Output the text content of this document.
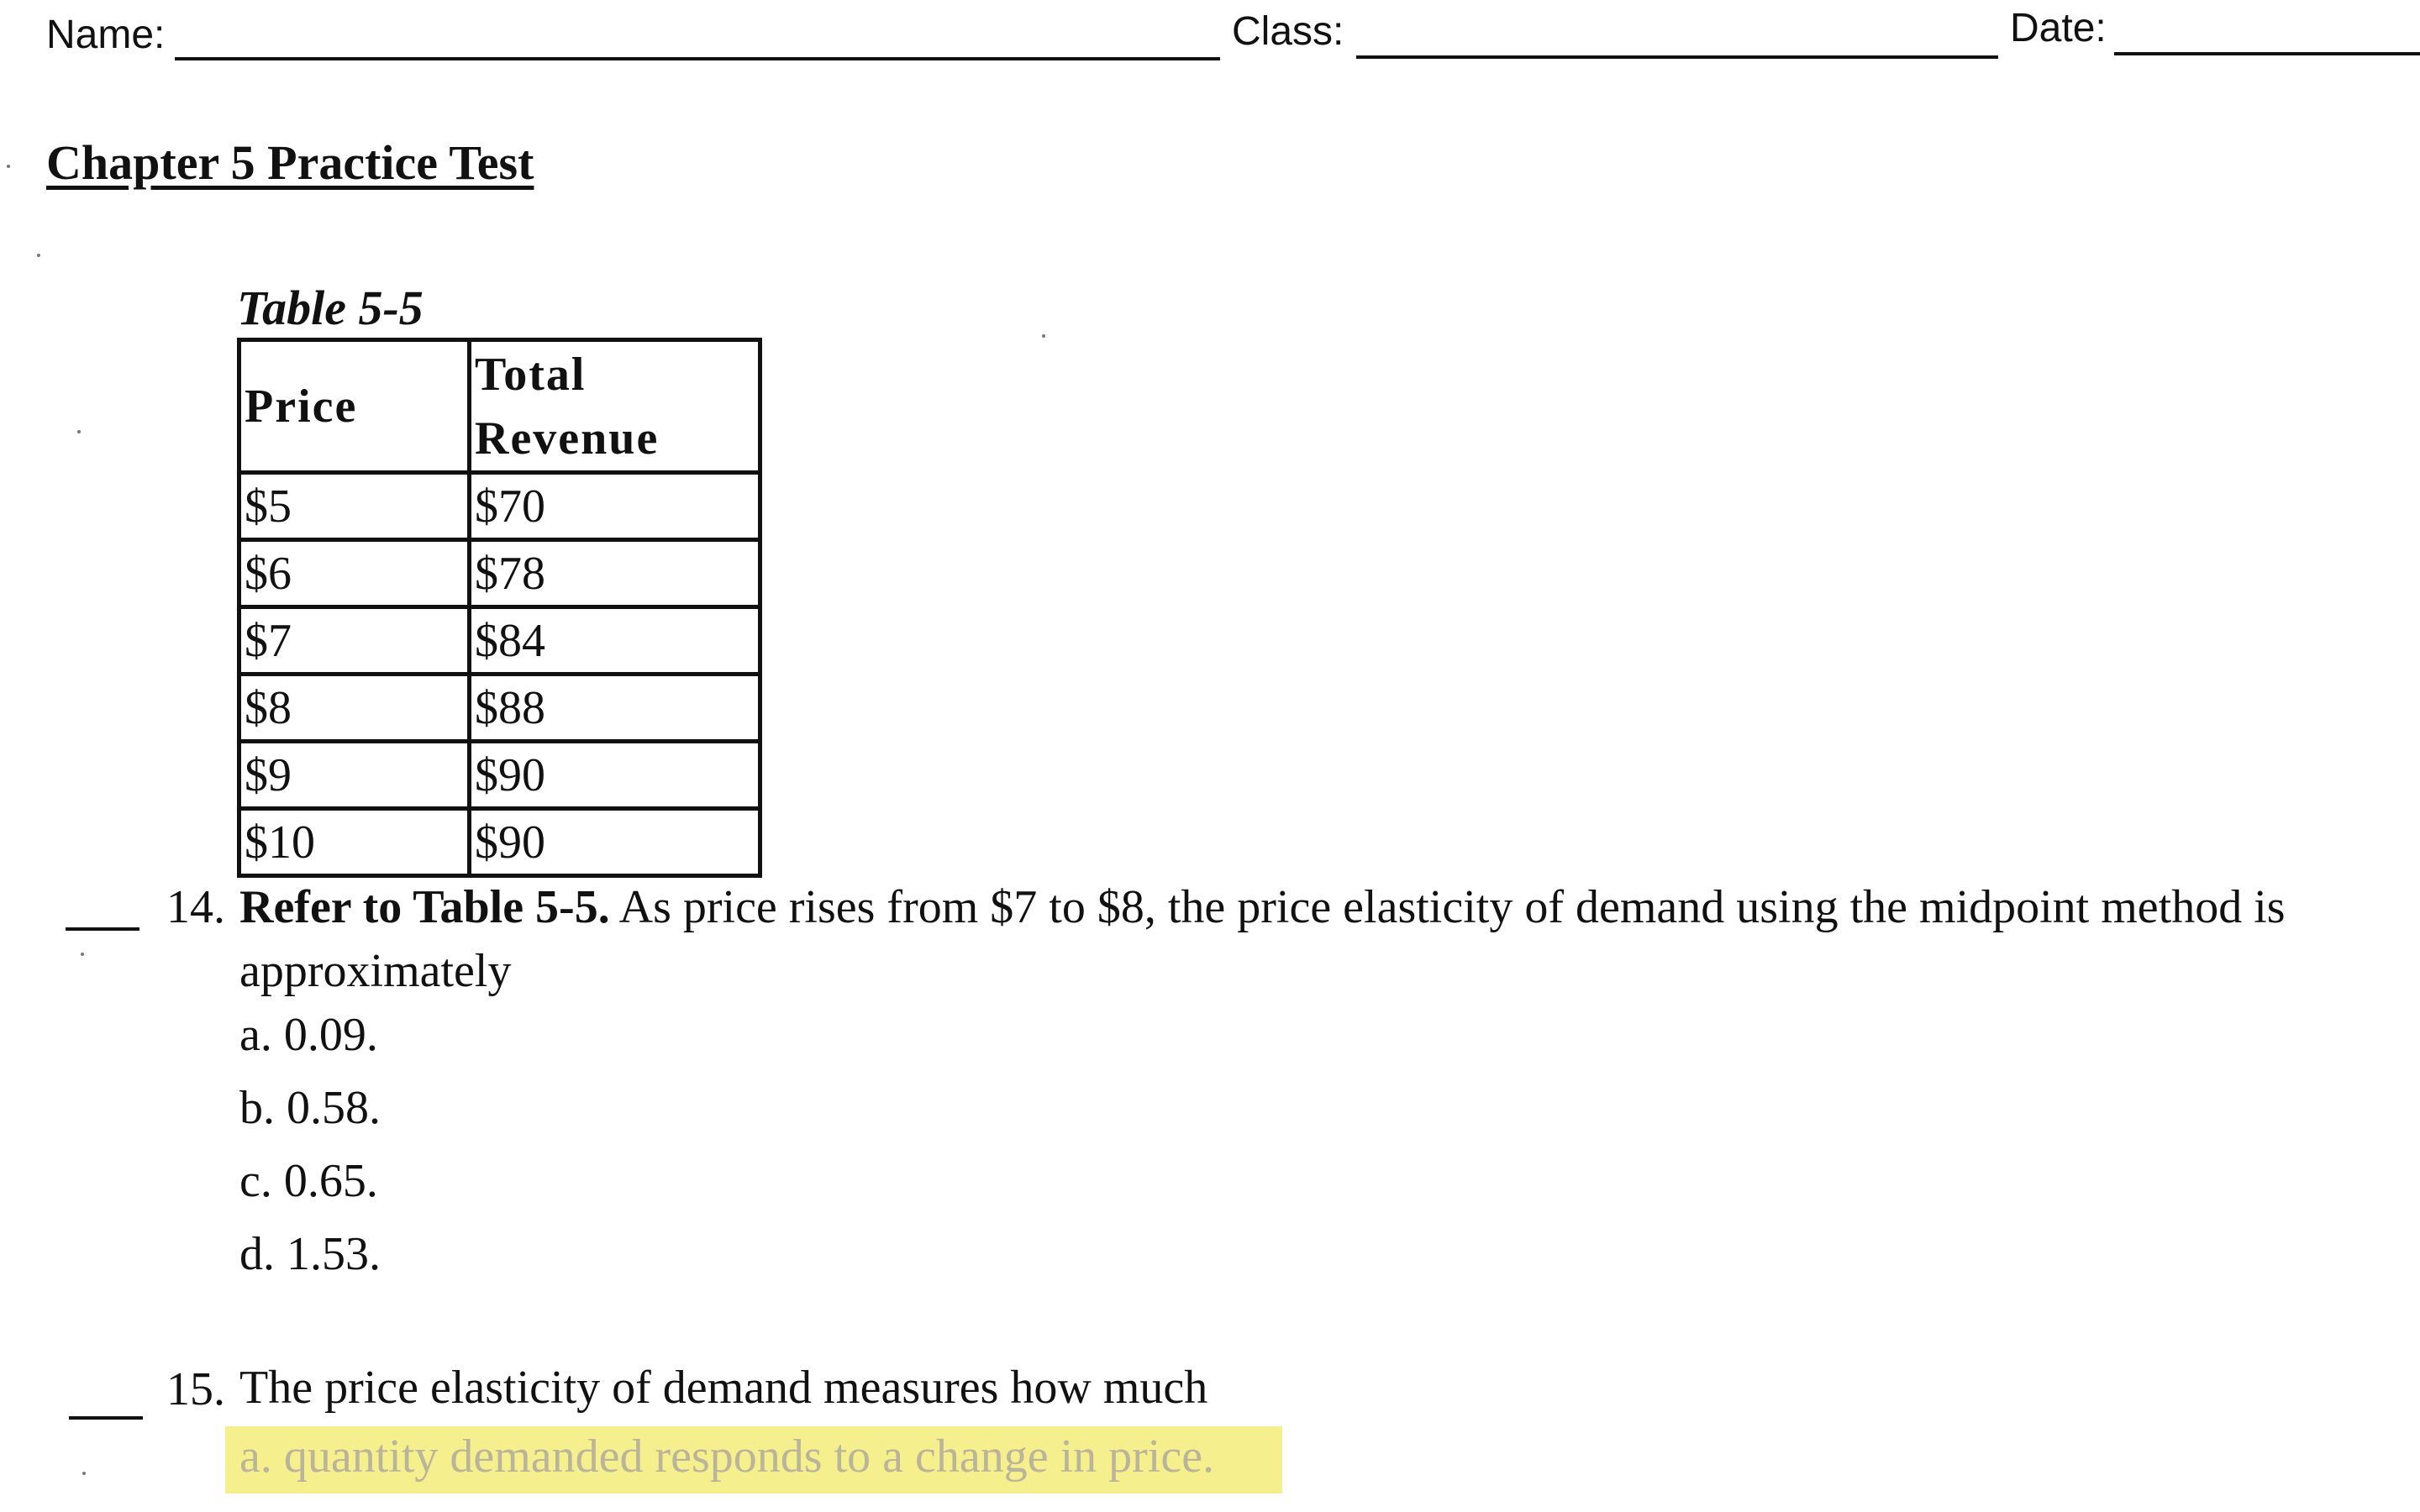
Name:	Class:	Date:
Chapter 5 Practice Test
Table 5-5
Price	Total Revenue
$5	$70
$6	$78
$7	$84
$8	$88
$9	$90
$10	$90
14. Refer to Table 5-5. As price rises from $7 to $8, the price elasticity of demand using the midpoint method is
approximately
a. 0.09.
b. 0.58.
c. 0.65.
d. 1.53.
15. The price elasticity of demand measures how much
a. quantity demanded responds to a change in price.
